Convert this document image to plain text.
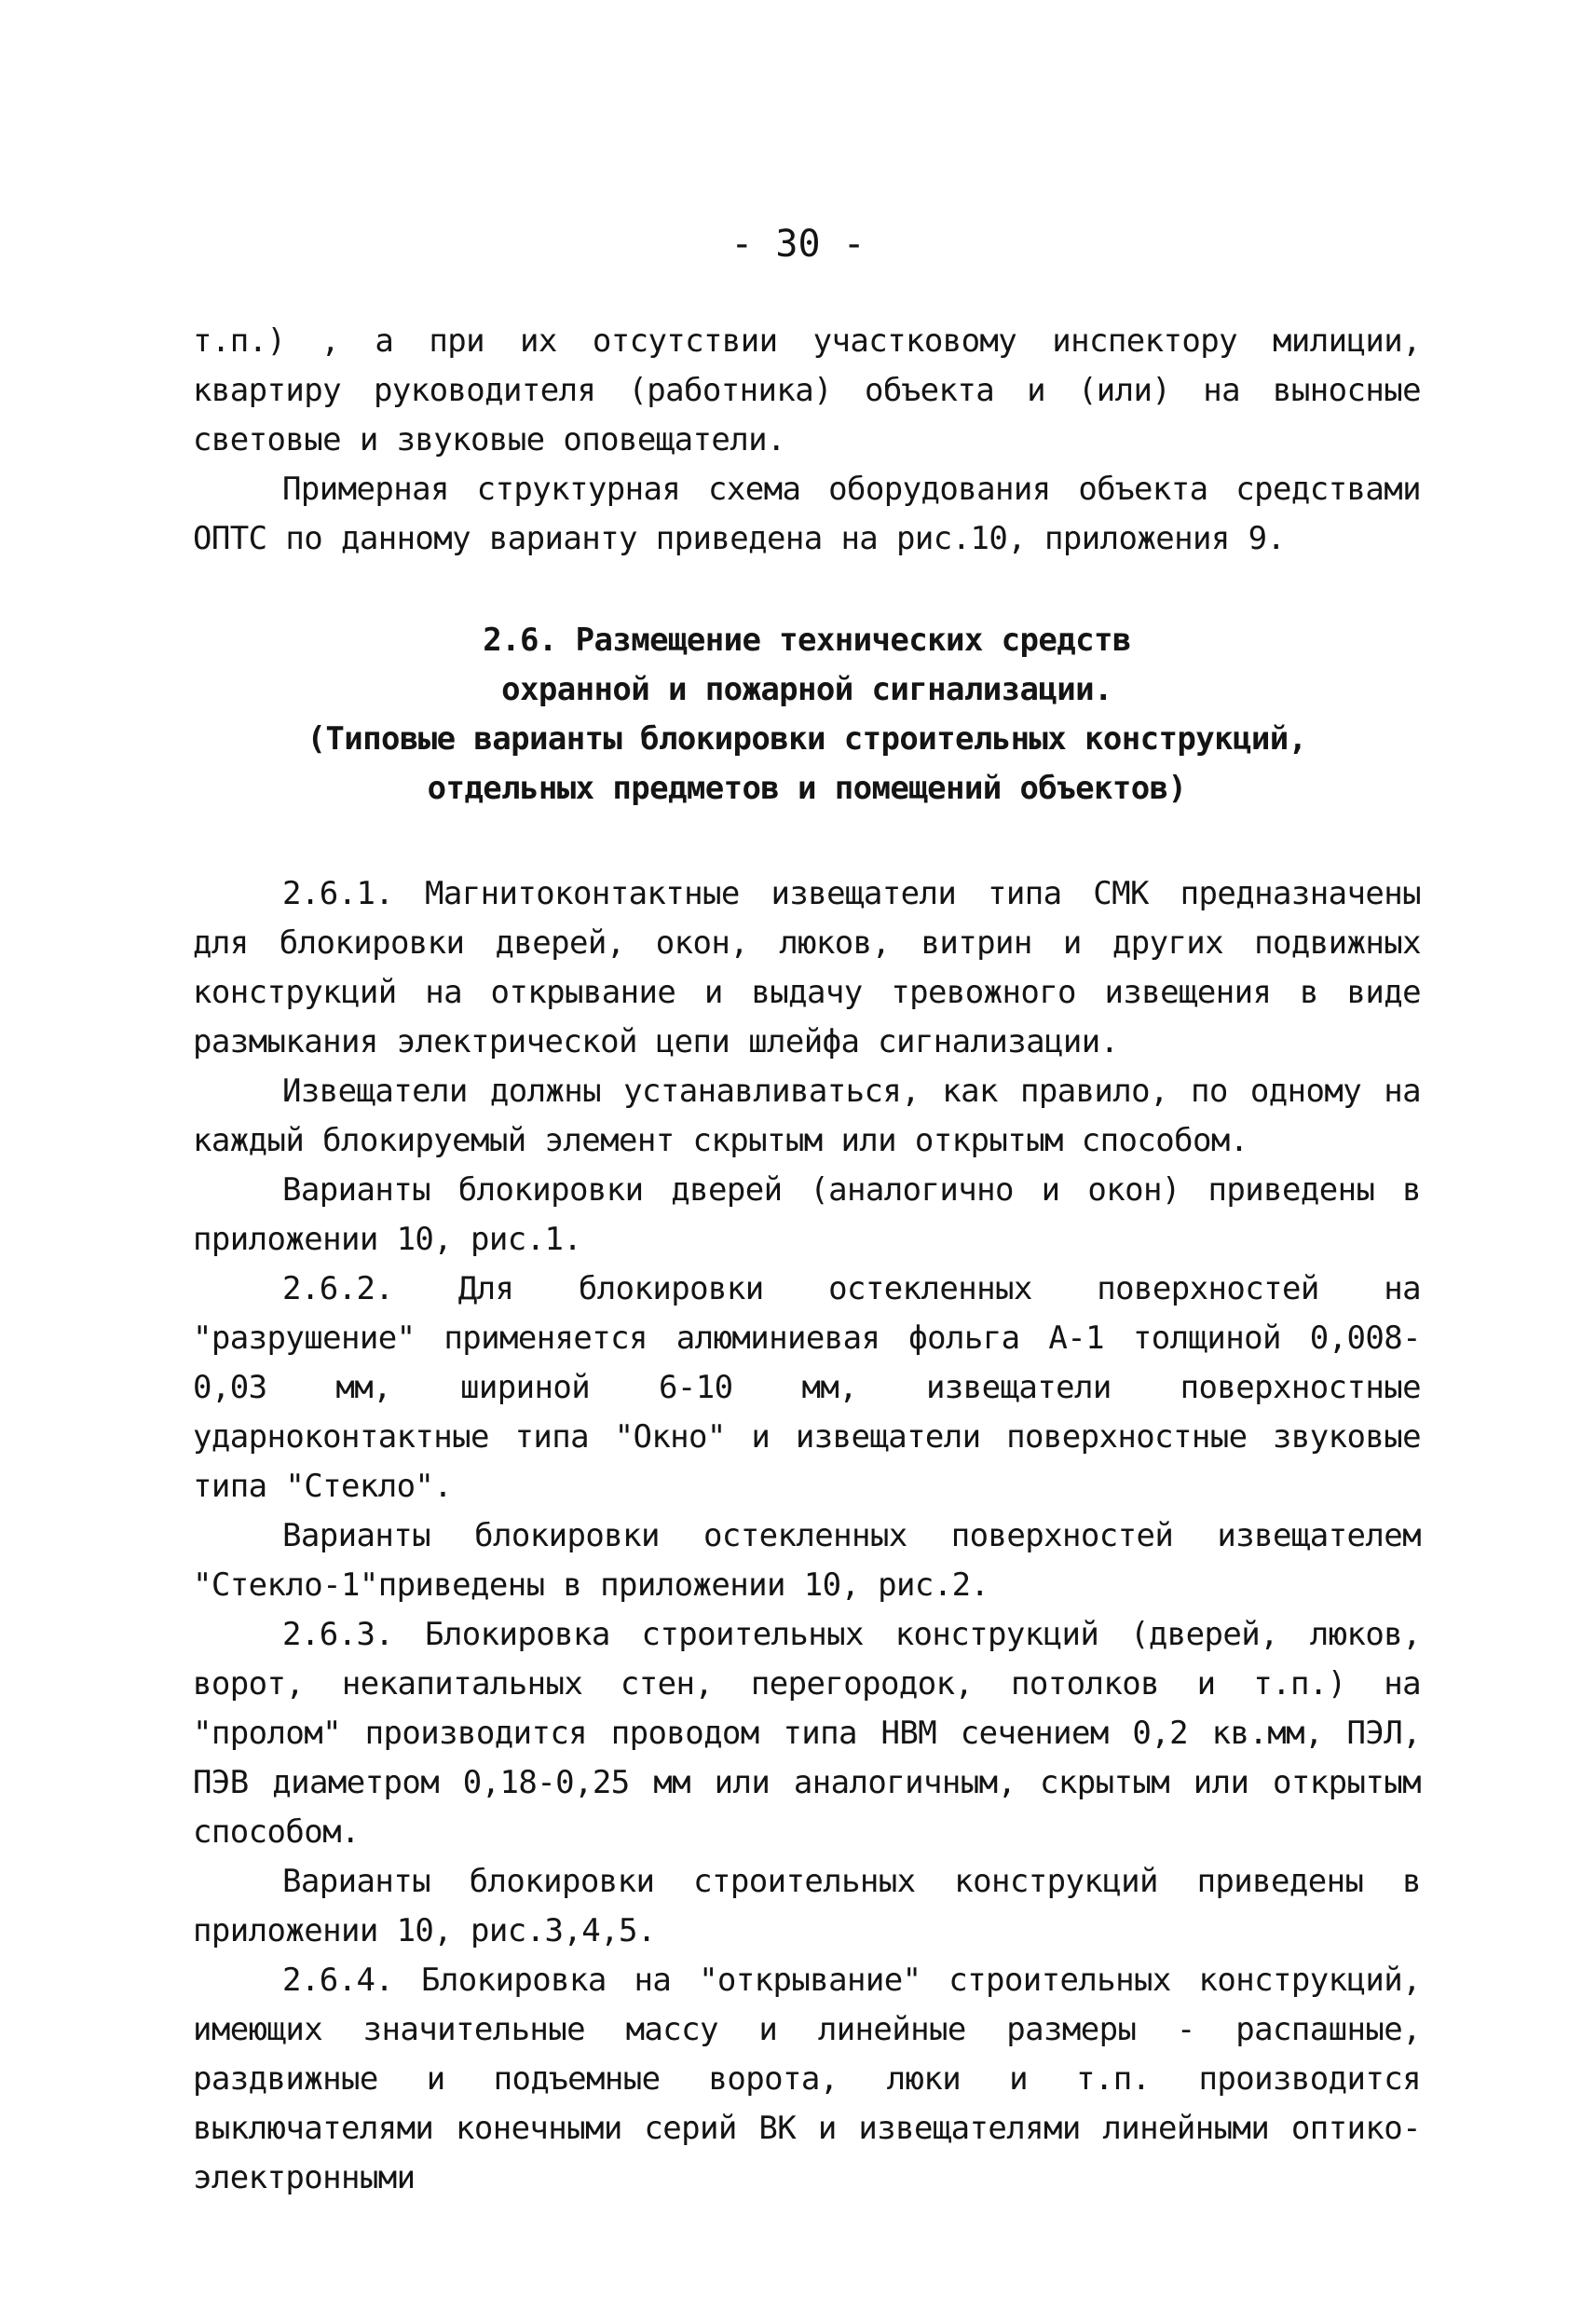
- 30 -

т.п.) , а при их отсутствии участковому инспектору милиции, квартиру руководителя (работника) объекта и (или) на выносные световые и звуковые оповещатели.

Примерная структурная схема оборудования объекта средствами ОПТС по данному варианту приведена на рис.10, приложения 9.

2.6. Размещение технических средств
охранной и пожарной сигнализации.
(Типовые варианты блокировки строительных конструкций,
отдельных предметов и помещений объектов)

2.6.1. Магнитоконтактные извещатели типа СМК предназначены для блокировки дверей, окон, люков, витрин и других подвижных конструкций на открывание и выдачу тревожного извещения в виде размыкания электрической цепи шлейфа сигнализации.

Извещатели должны устанавливаться, как правило, по одному на каждый блокируемый элемент скрытым или открытым способом.

Варианты блокировки дверей (аналогично и окон) приведены в приложении 10, рис.1.

2.6.2. Для блокировки остекленных поверхностей на "разрушение" применяется алюминиевая фольга А-1 толщиной 0,008-0,03 мм, шириной 6-10 мм, извещатели поверхностные ударноконтактные типа "Окно" и извещатели поверхностные звуковые типа "Стекло".

Варианты блокировки остекленных поверхностей извещателем "Стекло-1"приведены в приложении 10, рис.2.

2.6.3. Блокировка строительных конструкций (дверей, люков, ворот, некапитальных стен, перегородок, потолков и т.п.) на "пролом" производится проводом типа НВМ сечением 0,2 кв.мм, ПЭЛ, ПЭВ диаметром 0,18-0,25 мм или аналогичным, скрытым или открытым способом.

Варианты блокировки строительных конструкций приведены в приложении 10, рис.3,4,5.

2.6.4. Блокировка на "открывание" строительных конструкций, имеющих значительные массу и линейные размеры - распашные, раздвижные и подъемные ворота, люки и т.п. производится выключателями конечными серий ВК и извещателями линейными оптико-электронными
